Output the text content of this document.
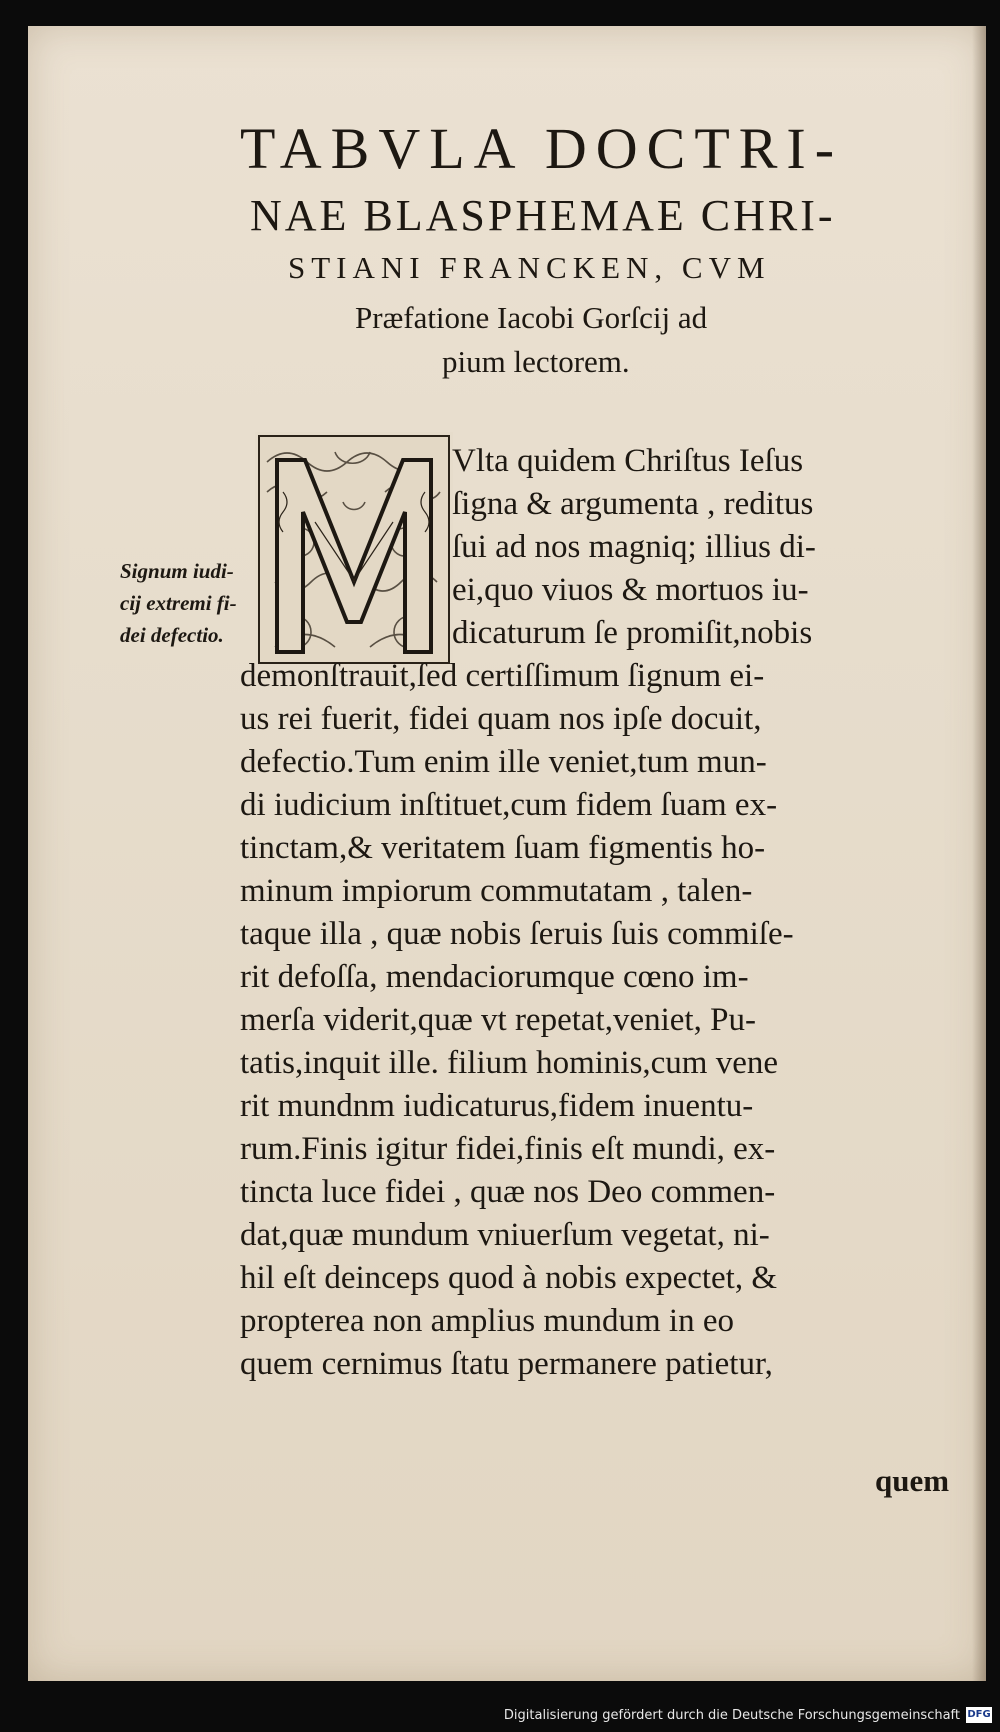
TABVLA DOCTRI-
NAE BLASPHEMAE CHRI-
STIANI FRANCKEN, CVM
Præfatione Iacobi Gorſcij ad
pium lectorem.
Signum iudi-
cij extremi fi-
dei defectio.
Vlta quidem Chriſtus Ieſus
ſigna & argumenta , reditus
ſui ad nos magniq; illius di-
ei,quo viuos & mortuos iu-
dicaturum ſe promiſit,nobis
demonſtrauit,ſed certiſſimum ſignum ei-
us rei fuerit, fidei quam nos ipſe docuit,
defectio.Tum enim ille veniet,tum mun-
di iudicium inſtituet,cum fidem ſuam ex-
tinctam,& veritatem ſuam figmentis ho-
minum impiorum commutatam , talen-
taque illa , quæ nobis ſeruis ſuis commiſe-
rit defoſſa, mendaciorumque cœno im-
merſa viderit,quæ vt repetat,veniet, Pu-
tatis,inquit ille. filium hominis,cum vene
rit mundnm iudicaturus,fidem inuentu-
rum.Finis igitur fidei,finis eſt mundi, ex-
tincta luce fidei , quæ nos Deo commen-
dat,quæ mundum vniuerſum vegetat, ni-
hil eſt deinceps quod à nobis expectet, &
propterea non amplius mundum in eo
quem cernimus ſtatu permanere patietur,
quem
Digitalisierung gefördert durch die Deutsche Forschungsgemeinschaft DFG
